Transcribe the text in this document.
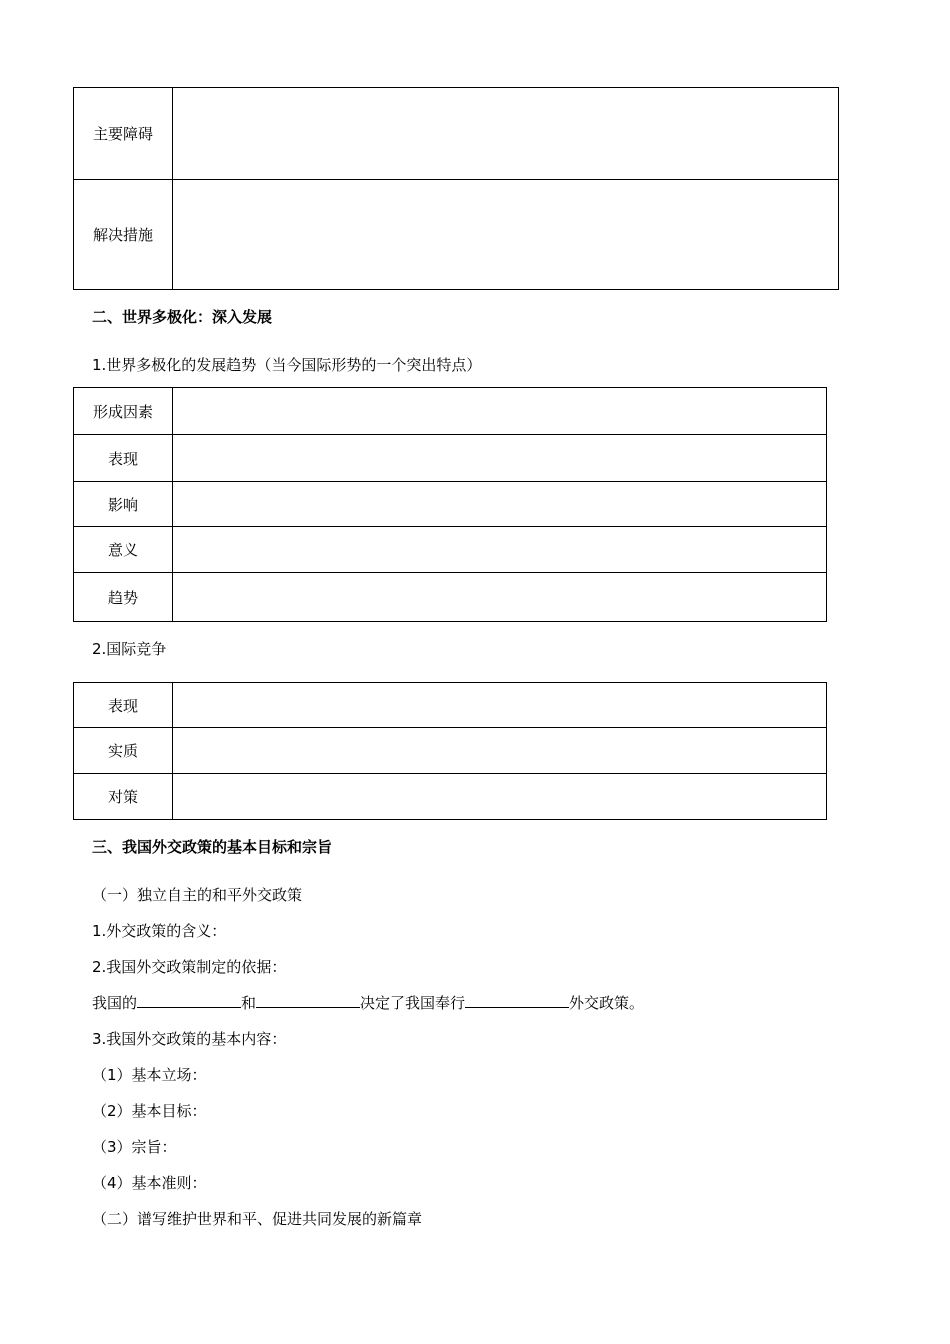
主要障碍	
解决措施	
二、世界多极化：深入发展
1.世界多极化的发展趋势（当今国际形势的一个突出特点）
形成因素	
表现	
影响	
意义	
趋势	
2.国际竞争
表现	
实质	
对策	
三、我国外交政策的基本目标和宗旨
（一）独立自主的和平外交政策
1.外交政策的含义：
2.我国外交政策制定的依据：
我国的	和	决定了我国奉行	外交政策。
3.我国外交政策的基本内容：
（1）基本立场：
（2）基本目标：
（3）宗旨：
（4）基本准则：
（二）谱写维护世界和平、促进共同发展的新篇章
